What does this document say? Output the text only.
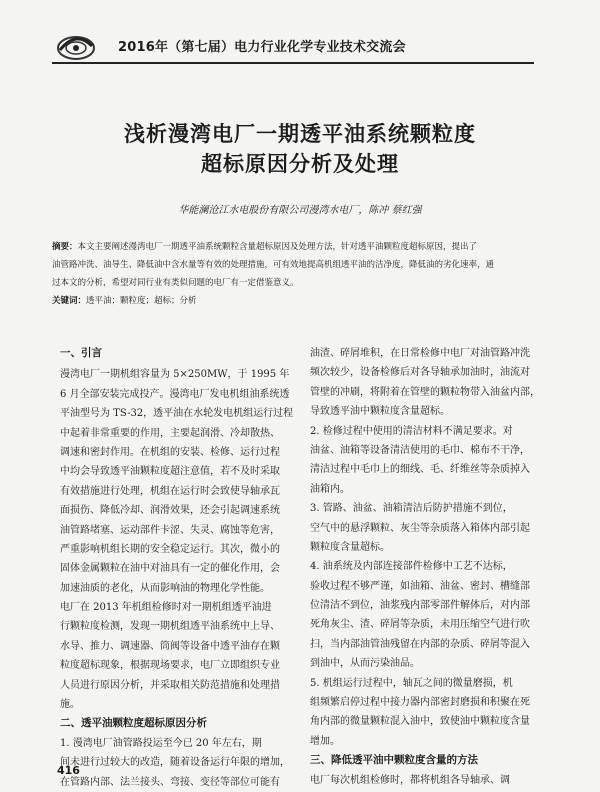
2016年（第七届）电力行业化学专业技术交流会
浅析漫湾电厂一期透平油系统颗粒度
超标原因分析及处理
华能澜沧江水电股份有限公司漫湾水电厂，陈冲 蔡红强
摘要：本文主要阐述漫湾电厂一期透平油系统颗粒含量超标原因及处理方法，针对透平油颗粒度超标原因，提出了
油管路冲洗、油导生、降低油中含水量等有效的处理措施，可有效地提高机组透平油的洁净度，降低油的劣化速率，通
过本文的分析，希望对同行业有类似问题的电厂有一定借鉴意义。
关键词：透平油；颗粒度；超标；分析
一、引言
漫湾电厂一期机组容量为 5×250MW，于 1995 年
6 月全部安装完成投产。漫湾电厂发电机组油系统透
平油型号为 TS-32，透平油在水轮发电机组运行过程
中起着非常重要的作用，主要起润滑、冷却散热、
调速和密封作用。在机组的安装、检修、运行过程
中均会导致透平油颗粒度超注意值，若不及时采取
有效措施进行处理，机组在运行时会致使导轴承瓦
面损伤、降低冷却、润滑效果，还会引起调速系统
油管路堵塞、运动部件卡涩、失灵、腐蚀等危害，
严重影响机组长期的安全稳定运行。其次，微小的
固体金属颗粒在油中对油具有一定的催化作用，会
加速油质的老化，从而影响油的物理化学性能。
电厂在 2013 年机组检修时对一期机组透平油进
行颗粒度检测，发现一期机组透平油系统中上导、
水导、推力、调速器、筒阀等设备中透平油存在颗
粒度超标现象，根据现场要求，电厂立即组织专业
人员进行原因分析，并采取相关防范措施和处理措
施。
二、透平油颗粒度超标原因分析
1. 漫湾电厂油管路投运至今已 20 年左右，期
间未进行过较大的改造，随着设备运行年限的增加，
在管路内部、法兰接头、弯接、变径等部位可能有
油渣、碎屑堆积，在日常检修中电厂对油管路冲洗
频次较少，设备检修后对各导轴承加油时，油流对
管壁的冲刷，将附着在管壁的颗粒物带入油盆内部，
导致透平油中颗粒度含量超标。
2. 检修过程中使用的清洁材料不满足要求。对
油盆、油箱等设备清洁使用的毛巾、棉布不干净，
清洁过程中毛巾上的细线、毛、纤维丝等杂质掉入
油箱内。
3. 管路、油盆、油箱清洁后防护措施不到位，
空气中的悬浮颗粒、灰尘等杂质落入箱体内部引起
颗粒度含量超标。
4. 油系统及内部连接部件检修中工艺不达标，
验收过程不够严谨，如油箱、油盆、密封、槽缝部
位清洁不到位，油浆残内部零部件解体后，对内部
死角灰尘、渣、碎屑等杂质，未用压缩空气进行吹
扫，当内部油管油残留在内部的杂质、碎屑等混入
到油中，从而污染油品。
5. 机组运行过程中，轴瓦之间的微量磨损，机
组频繁启停过程中接力器内部密封磨损和积聚在死
角内部的微量颗粒混入油中，致使油中颗粒度含量
增加。
三、降低透平油中颗粒度含量的方法
电厂每次机组检修时，都将机组各导轴承、调
416
